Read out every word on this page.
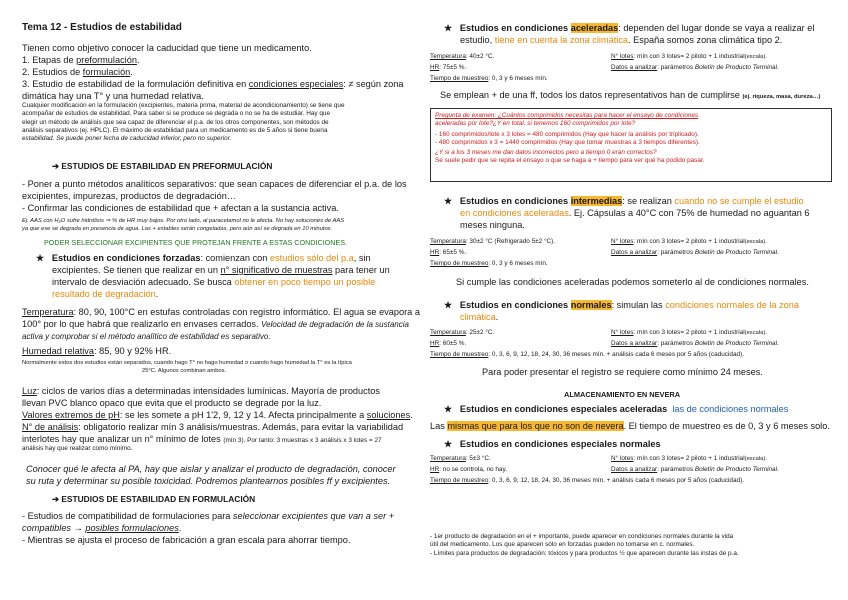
Tema 12 - Estudios de estabilidad

Tienen como objetivo conocer la caducidad que tiene un medicamento.

1. Etapas de preformulación.

2. Estudios de formulación.

3. Estudio de estabilidad de la formulación definitiva en condiciones especiales: ≠ según zona

dimática hay una T° y una humedad relativa.

Cualquier modificación en la formulación (excipientes, materia prima, material de acondicionamiento) se tiene que

acompañar de estudios de estabilidad. Para saber si se produce se degrada o no se ha de estudiar. Hay que

elegir un método de análisis que sea capaz de diferenciar el p.a. de los otros componentes, son métodos de

análisis separativos (ej. HPLC). El máximo de estabilidad para un medicamento es de 5 años si tiene buena

estabilidad. Se puede poner fecha de caducidad inferior, pero no superior.

➔ ESTUDIOS DE ESTABILIDAD EN PREFORMULACIÓN

- Poner a punto métodos analíticos separativos: que sean capaces de diferenciar el p.a. de los

excipientes, impurezas, productos de degradación…

- Confirmar las condiciones de estabilidad que + afectan a la sustancia activa.

Ej. AAS con H₂O sufre hidrólisis ⇒ % de HR muy bajos. Por otro lado, al paracetamol no le afecta. No hay soluciones de AAS

ya que ese se degrada en presencia de agua. Las + estables serán congeladas, pero aún así se degrada en 10 minutos.

PODER SELECCIONAR EXCIPIENTES QUE PROTEJAN FRENTE A ESTAS CONDICIONES.

★ Estudios en condiciones forzadas: comienzan con estudios sólo del p.a, sin

excipientes. Se tienen que realizar en un n° significativo de muestras para tener un

intervalo de desviación adecuado. Se busca obtener en poco tiempo un posible

resultado de degradación.

Temperatura: 80, 90, 100°C en estufas controladas con registro informático. El agua se evapora a

100° por lo que habrá que realizarlo en envases cerrados. Velocidad de degradación de la sustancia

activa y comprobar si el método analítico de estabilidad es separativo.

Humedad relativa: 85, 90 y 92% HR.

Normalmente estos dos estudios están separados, cuando hago T° no hago humedad o cuando hago humedad la T° es la típica

25°C. Algunos combinan ambos.

Luz: ciclos de varios días a determinadas intensidades lumínicas. Mayoría de productos

llevan PVC blanco opaco que evita que el producto se degrade por la luz.

Valores extremos de pH: se les somete a pH 1'2, 9, 12 y 14. Afecta principalmente a soluciones.

N° de análisis: obligatorio realizar mín 3 análisis/muestras. Además, para evitar la variabilidad

interlotes hay que analizar un n° mínimo de lotes (mín 3). Por tanto: 3 muestras x 3 análisis x 3 lotes = 27

análisis hay que realizar como mínimo.

Conocer qué le afecta al PA, hay que aislar y analizar el producto de degradación, conocer

su ruta y determinar su posible toxicidad. Podremos plantearnos posibles ff y excipientes.

➔ ESTUDIOS DE ESTABILIDAD EN FORMULACIÓN

- Estudios de compatibilidad de formulaciones para seleccionar excipientes que van a ser +

compatibles → posibles formulaciones.

- Mientras se ajusta el proceso de fabricación a gran escala para ahorrar tiempo.

★ Estudios en condiciones aceleradas: dependen del lugar donde se vaya a realizar el

estudio, tiene en cuenta la zona climática. España somos zona climática tipo 2.

Temperatura: 40±2 °C.	N° lotes: mín con 3 lotes= 2 piloto + 1 industrial(escala).
HR: 75±5 %.	Datos a analizar: parámetros Boletín de Producto Terminal.
Tiempo de muestreo: 0, 3 y 6 meses mín.
Se emplean + de una ff, todos los datos representativos han de cumplirse (ej. riqueza, masa, dureza…)

Pregunta de examen: ¿Cuántos comprimidos necesitas para hacer el ensayo de condiciones

aceleradas por lote?¿Y en total, si tenemos 160 comprimidos por lote?

- 160 comprimidos/lote x 3 lotes = 480 comprimidos (Hay que hacer la análisis por triplicado).

- 480 comprimidos x 3 = 1440 comprimidos (Hay que tomar muestras a 3 tiempos diferentes).

¿Y si a los 3 meses me dan datos incorrectos pero a tiempo 0 eran correctos?

Se suele pedir que se repita el ensayo o que se haga a + tiempo para ver qué ha podido pasar.

★ Estudios en condiciones intermedias: se realizan cuando no se cumple el estudio

en condiciones aceleradas. Ej. Cápsulas a 40°C con 75% de humedad no aguantan 6

meses ninguna.

Temperatura: 30±2 °C (Refrigerado 5±2 °C).	N° lotes: mín con 3 lotes= 2 piloto + 1 industrial(escala).
HR: 65±5 %.	Datos a analizar: parámetros Boletín de Producto Terminal.
Tiempo de muestreo: 0, 3 y 6 meses mín.
Si cumple las condiciones aceleradas podemos someterlo al de condiciones normales.

★ Estudios en condiciones normales: simulan las condiciones normales de la zona

climática.

Temperatura: 25±2 °C.	N° lotes: mín con 3 lotes= 2 piloto + 1 industrial(escala).
HR: 60±5 %.	Datos a analizar: parámetros Boletín de Producto Terminal.
Tiempo de muestreo: 0, 3, 6, 9, 12, 18, 24, 30, 36 meses mín. + análisis cada 6 meses por 5 años (caducidad).
Para poder presentar el registro se requiere como mínimo 24 meses.
ALMACENAMIENTO EN NEVERA

★ Estudios en condiciones especiales aceleradas las de condiciones normales

Las mismas que para los que no son de nevera. El tiempo de muestreo es de 0, 3 y 6 meses solo.

★ Estudios en condiciones especiales normales

Temperatura: 5±3 °C.	N° lotes: mín con 3 lotes= 2 piloto + 1 industrial(escala).
HR: no se controla, no hay.	Datos a analizar: parámetros Boletín de Producto Terminal.
Tiempo de muestreo: 0, 3, 6, 9, 12, 18, 24, 30, 36 meses mín. + análisis cada 6 meses por 5 años (caducidad).

- 1er producto de degradación en el + importante, puede aparecer en condiciones normales durante la vida

útil del medicamento. Los que aparecen sólo en forzadas pueden no tomarse en c. normales.

- Límites para productos de degradación: tóxicos y para productos ½ que aparecen durante las instas de p.a.
